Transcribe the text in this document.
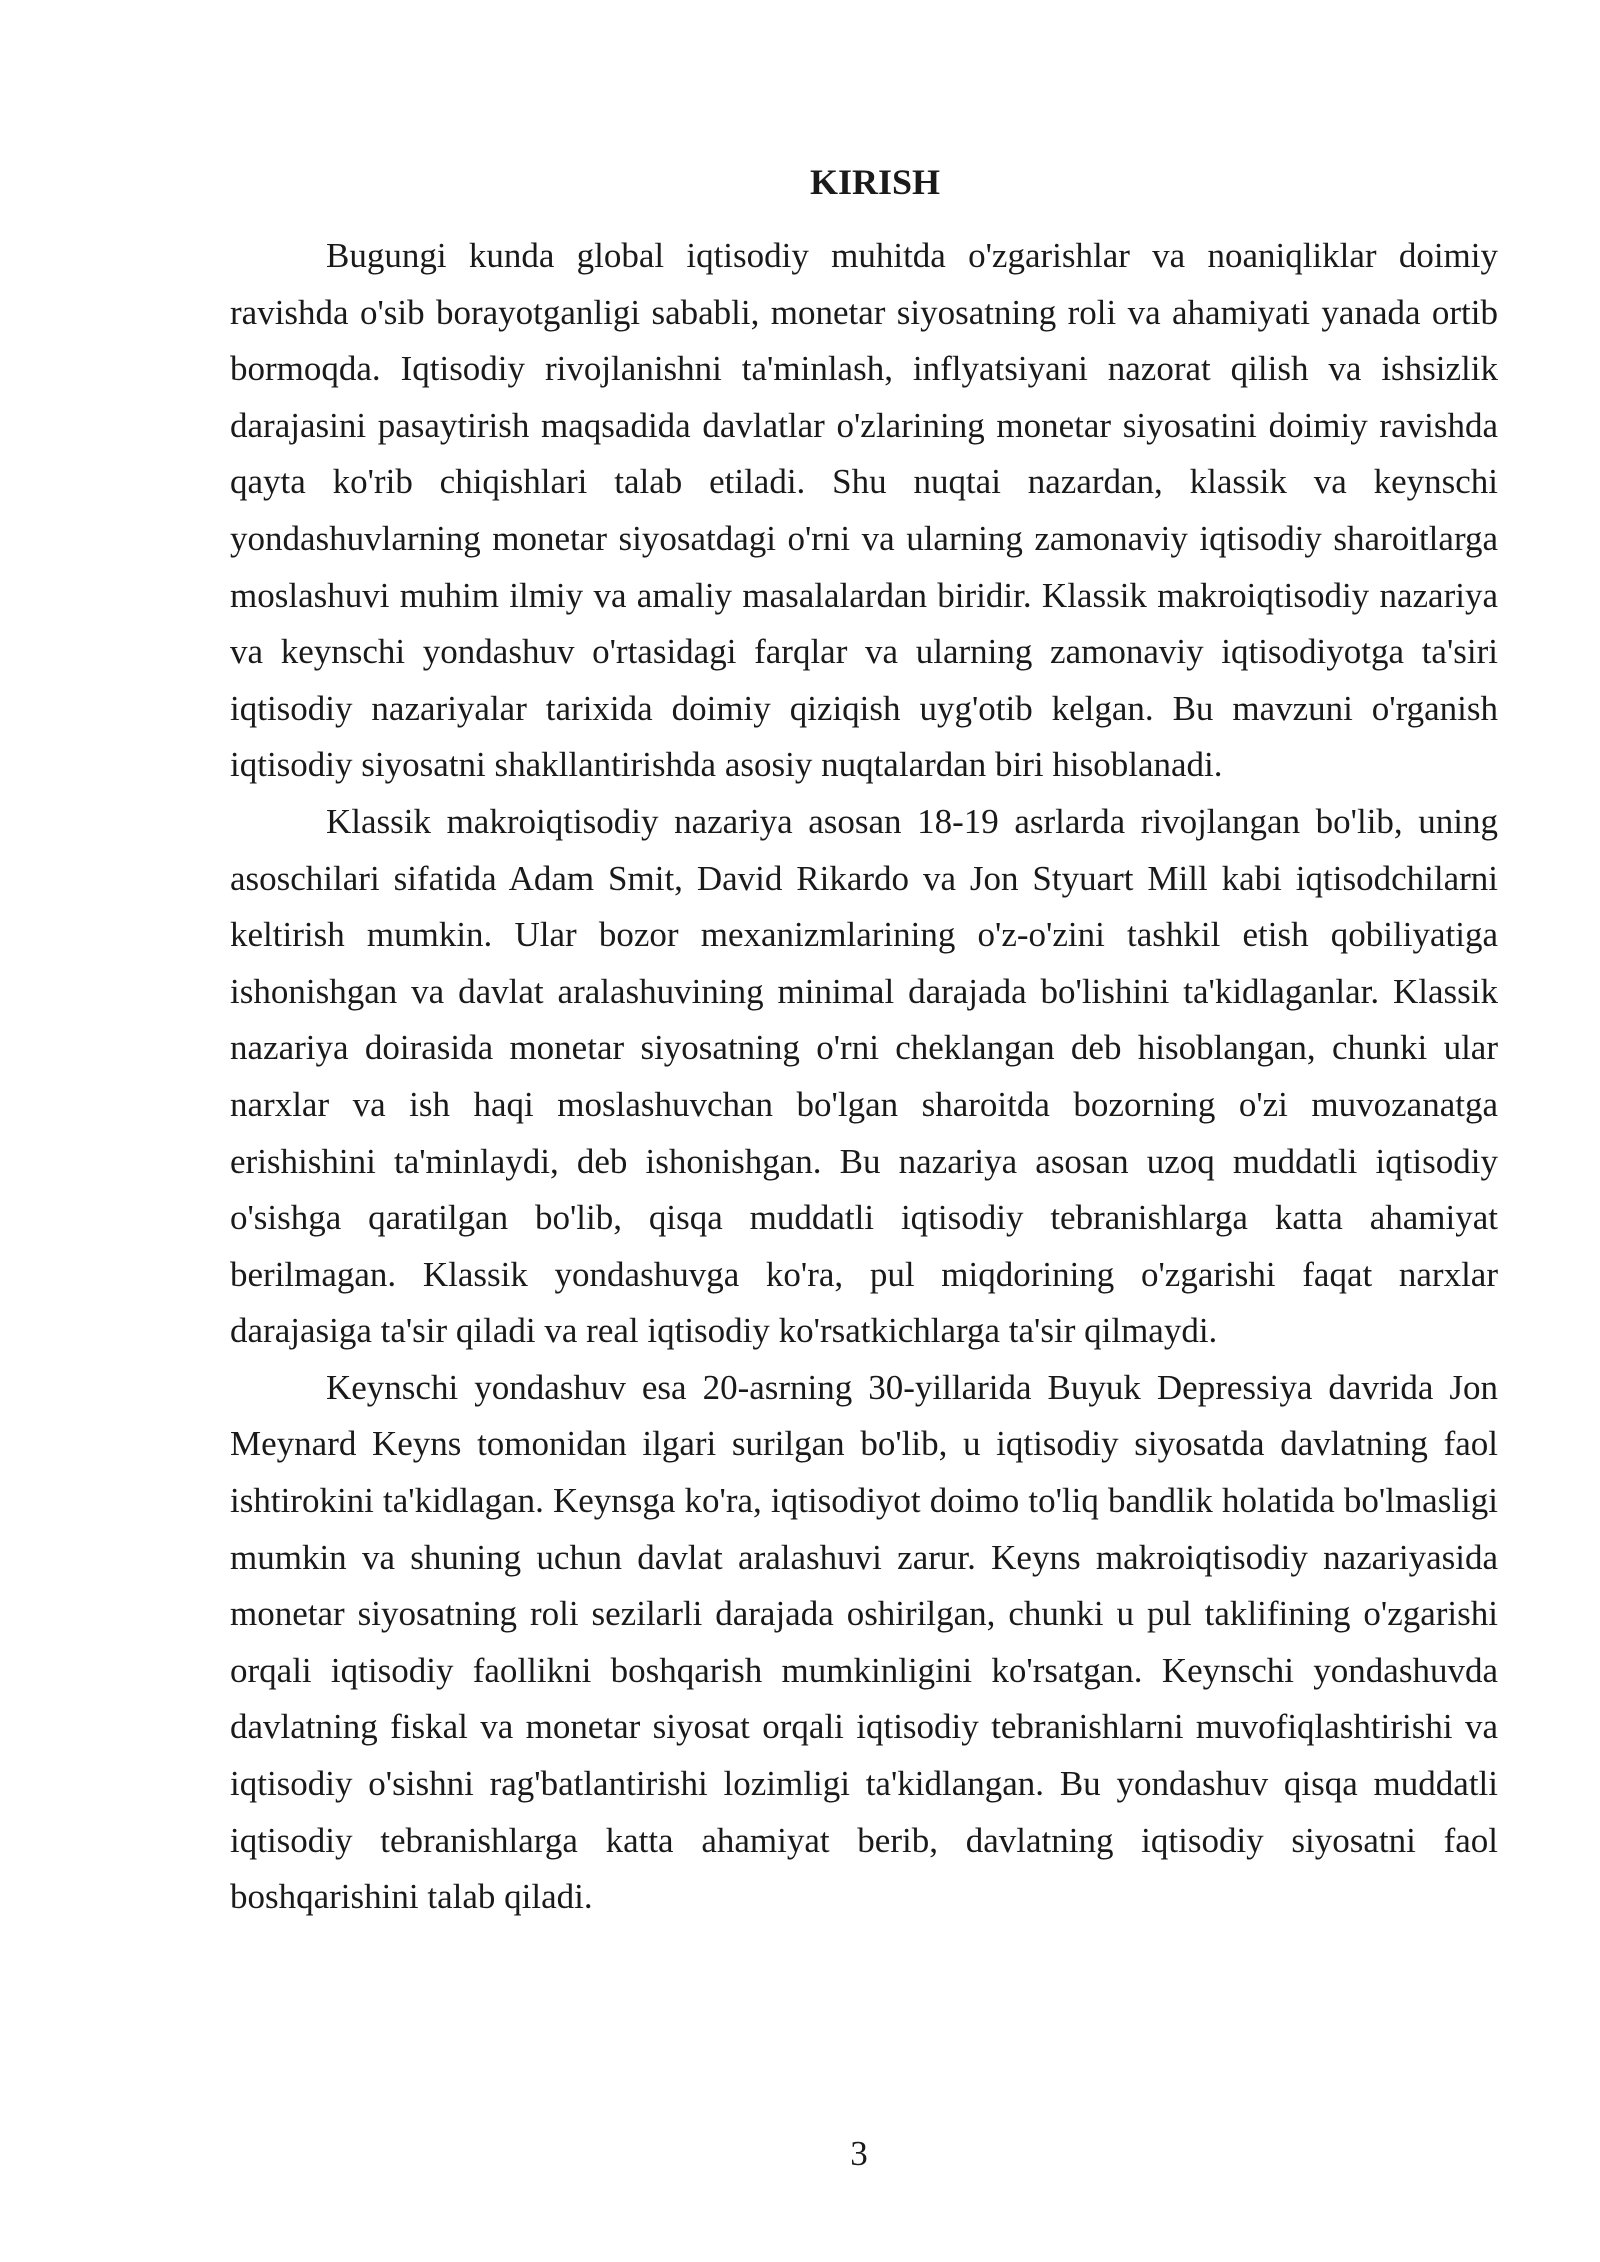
KIRISH

Bugungi kunda global iqtisodiy muhitda o'zgarishlar va noaniqliklar doimiy ravishda o'sib borayotganligi sababli, monetar siyosatning roli va ahamiyati yanada ortib bormoqda. Iqtisodiy rivojlanishni ta'minlash, inflyatsiyani nazorat qilish va ishsizlik darajasini pasaytirish maqsadida davlatlar o'zlarining monetar siyosatini doimiy ravishda qayta ko'rib chiqishlari talab etiladi. Shu nuqtai nazardan, klassik va keynschi yondashuvlarning monetar siyosatdagi o'rni va ularning zamonaviy iqtisodiy sharoitlarga moslashuvi muhim ilmiy va amaliy masalalardan biridir. Klassik makroiqtisodiy nazariya va keynschi yondashuv o'rtasidagi farqlar va ularning zamonaviy iqtisodiyotga ta'siri iqtisodiy nazariyalar tarixida doimiy qiziqish uyg'otib kelgan. Bu mavzuni o'rganish iqtisodiy siyosatni shakllantirishda asosiy nuqtalardan biri hisoblanadi.

Klassik makroiqtisodiy nazariya asosan 18-19 asrlarda rivojlangan bo'lib, uning asoschilari sifatida Adam Smit, David Rikardo va Jon Styuart Mill kabi iqtisodchilarni keltirish mumkin. Ular bozor mexanizmlarining o'z-o'zini tashkil etish qobiliyatiga ishonishgan va davlat aralashuvining minimal darajada bo'lishini ta'kidlaganlar. Klassik nazariya doirasida monetar siyosatning o'rni cheklangan deb hisoblangan, chunki ular narxlar va ish haqi moslashuvchan bo'lgan sharoitda bozorning o'zi muvozanatga erishishini ta'minlaydi, deb ishonishgan. Bu nazariya asosan uzoq muddatli iqtisodiy o'sishga qaratilgan bo'lib, qisqa muddatli iqtisodiy tebranishlarga katta ahamiyat berilmagan. Klassik yondashuvga ko'ra, pul miqdorining o'zgarishi faqat narxlar darajasiga ta'sir qiladi va real iqtisodiy ko'rsatkichlarga ta'sir qilmaydi.

Keynschi yondashuv esa 20-asrning 30-yillarida Buyuk Depressiya davrida Jon Meynard Keyns tomonidan ilgari surilgan bo'lib, u iqtisodiy siyosatda davlatning faol ishtirokini ta'kidlagan. Keynsga ko'ra, iqtisodiyot doimo to'liq bandlik holatida bo'lmasligi mumkin va shuning uchun davlat aralashuvi zarur. Keyns makroiqtisodiy nazariyasida monetar siyosatning roli sezilarli darajada oshirilgan, chunki u pul taklifining o'zgarishi orqali iqtisodiy faollikni boshqarish mumkinligini ko'rsatgan. Keynschi yondashuvda davlatning fiskal va monetar siyosat orqali iqtisodiy tebranishlarni muvofiqlashtirishi va iqtisodiy o'sishni rag'batlantirishi lozimligi ta'kidlangan. Bu yondashuv qisqa muddatli iqtisodiy tebranishlarga katta ahamiyat berib, davlatning iqtisodiy siyosatni faol boshqarishini talab qiladi.

3
